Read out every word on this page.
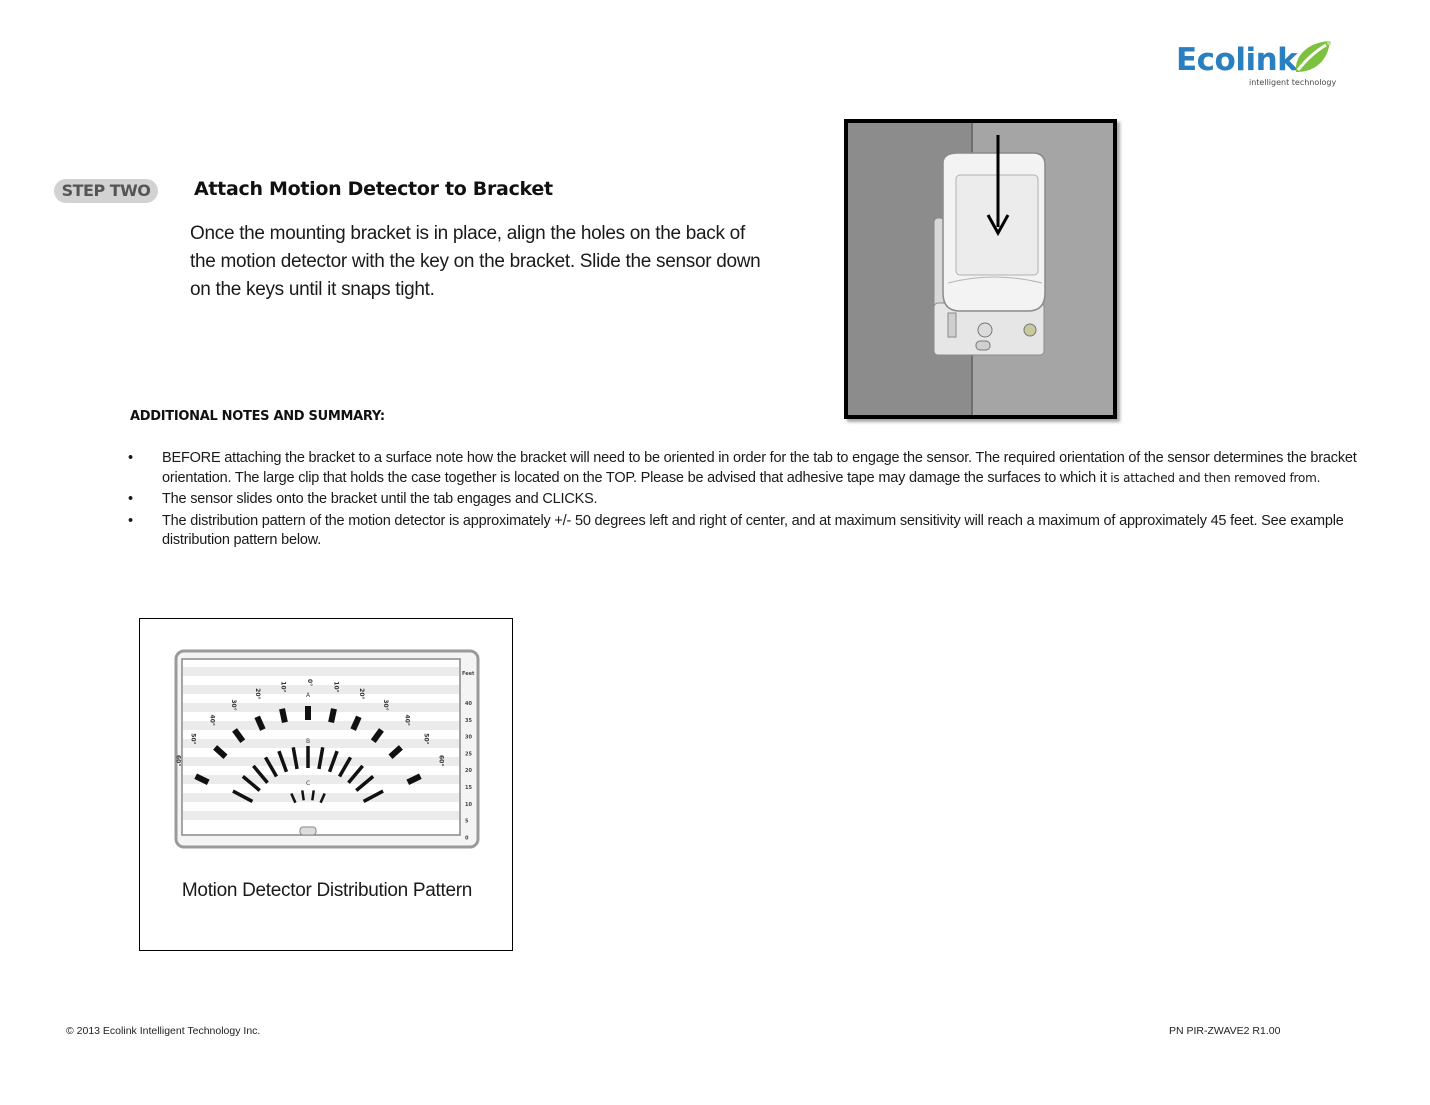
Ecolink
intelligent technology
STEP TWO	Attach Motion Detector to Bracket
Once the mounting bracket is in place, align the holes on the back of the motion detector with the key on the bracket. Slide the sensor down on the keys until it snaps tight.
ADDITIONAL NOTES AND SUMMARY:
• BEFORE attaching the bracket to a surface note how the bracket will need to be oriented in order for the tab to engage the sensor. The required orientation of the sensor determines the bracket orientation. The large clip that holds the case together is located on the TOP. Please be advised that adhesive tape may damage the surfaces to which it is attached and then removed from.
• The sensor slides onto the bracket until the tab engages and CLICKS.
• The distribution pattern of the motion detector is approximately +/- 50 degrees left and right of center, and at maximum sensitivity will reach a maximum of approximately 45 feet. See example distribution pattern below.
Feet
40
35
30
25
20
15
10
5
0
A
B
C
60°
50°
40°
30°
20°
10°	0°	10°
20°
30°
40°
50°
60°
Motion Detector Distribution Pattern
© 2013 Ecolink Intelligent Technology Inc.	PN PIR-ZWAVE2 R1.00
